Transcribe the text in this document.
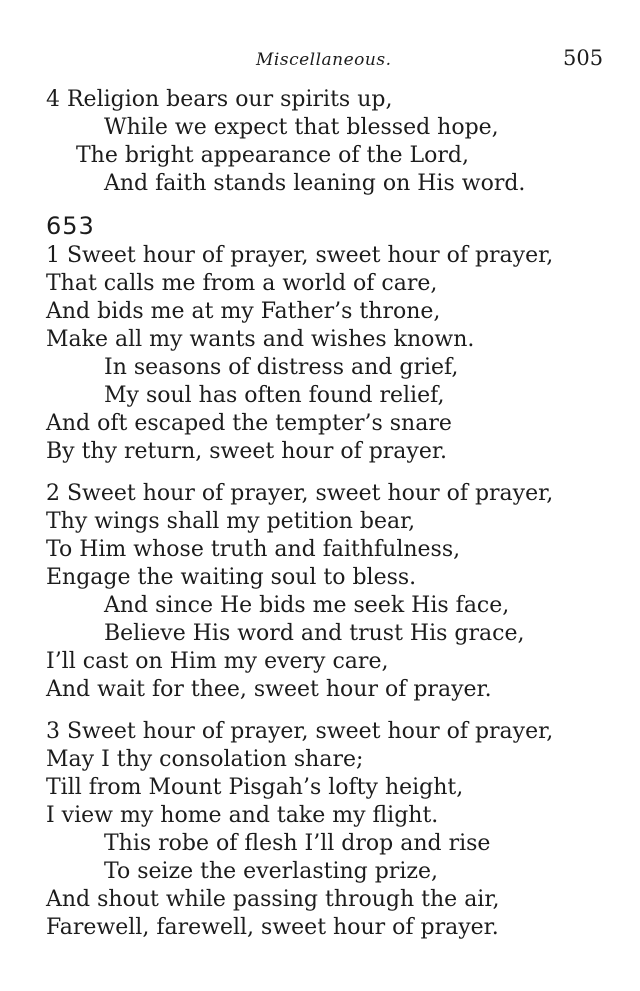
Miscellaneous.	505
4 Religion bears our spirits up,
While we expect that blessed hope,
The bright appearance of the Lord,
And faith stands leaning on His word.
653
1 Sweet hour of prayer, sweet hour of prayer,
That calls me from a world of care,
And bids me at my Father’s throne,
Make all my wants and wishes known.
In seasons of distress and grief,
My soul has often found relief,
And oft escaped the tempter’s snare
By thy return, sweet hour of prayer.
2 Sweet hour of prayer, sweet hour of prayer,
Thy wings shall my petition bear,
To Him whose truth and faithfulness,
Engage the waiting soul to bless.
And since He bids me seek His face,
Believe His word and trust His grace,
I’ll cast on Him my every care,
And wait for thee, sweet hour of prayer.
3 Sweet hour of prayer, sweet hour of prayer,
May I thy consolation share;
Till from Mount Pisgah’s lofty height,
I view my home and take my flight.
This robe of flesh I’ll drop and rise
To seize the everlasting prize,
And shout while passing through the air,
Farewell, farewell, sweet hour of prayer.
